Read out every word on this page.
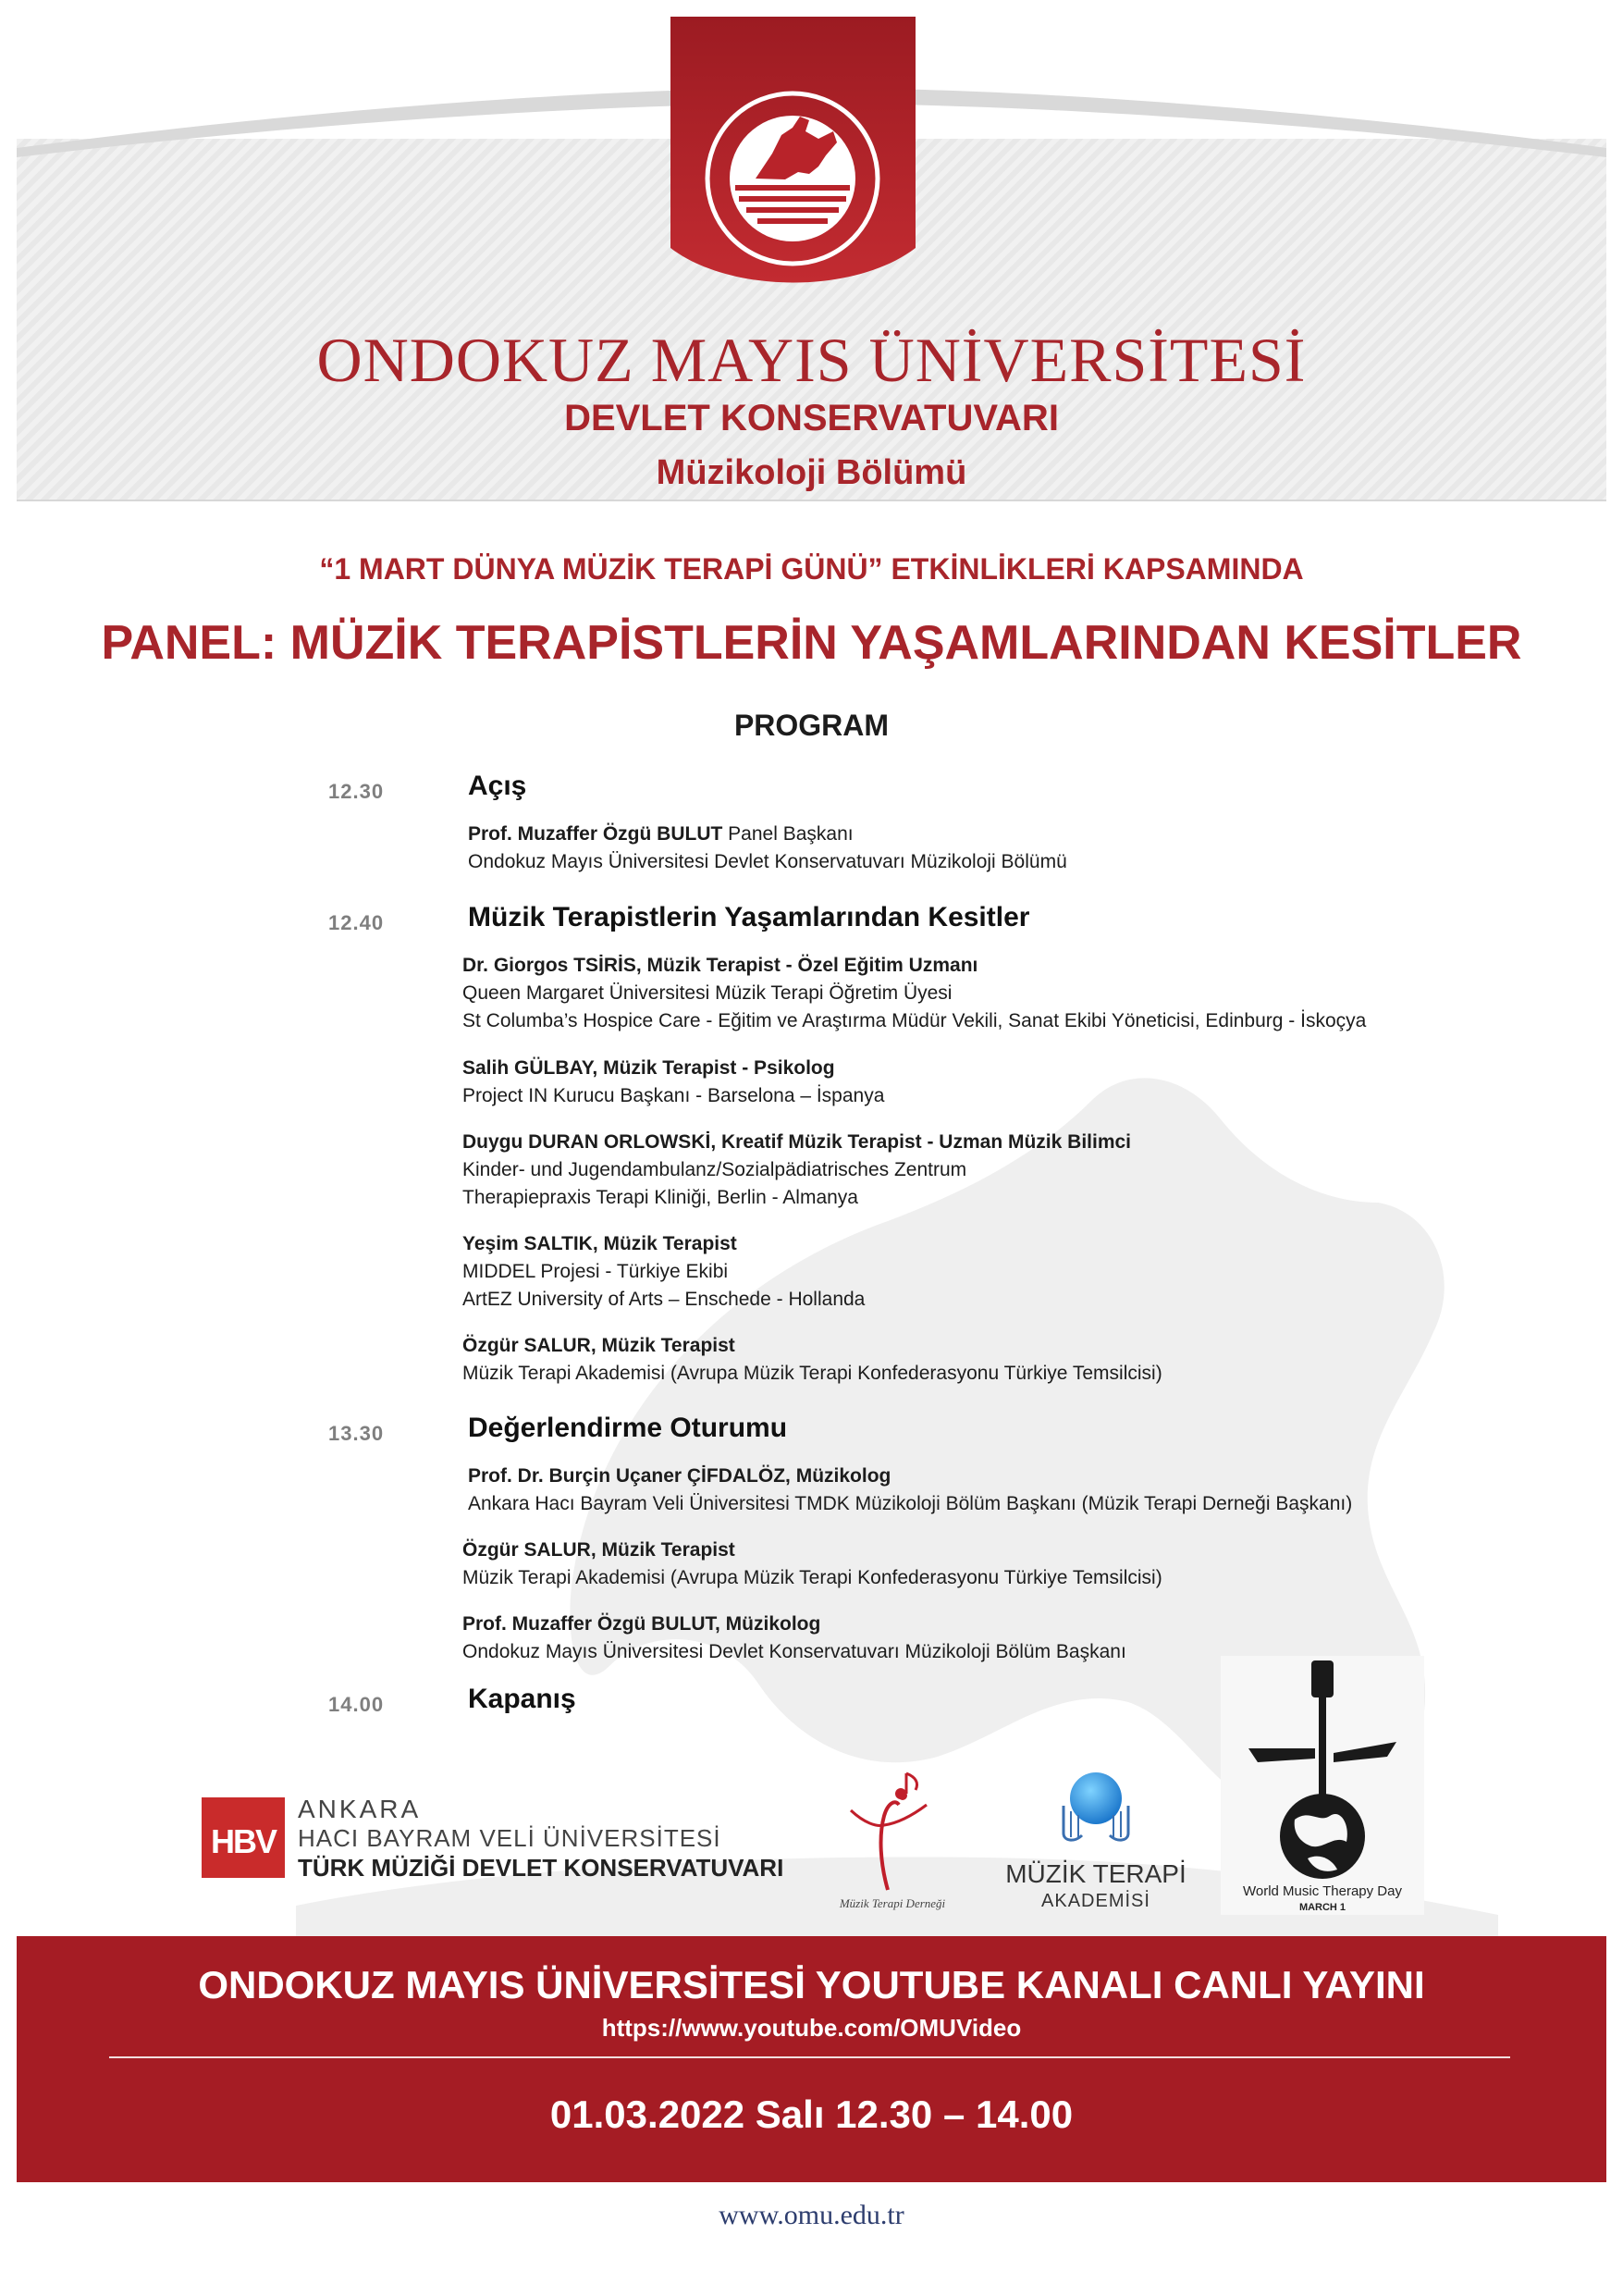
ONDOKUZ MAYIS ÜNİVERSİTESİ
DEVLET KONSERVATUVARI
Müzikoloji Bölümü
“1 MART DÜNYA MÜZİK TERAPİ GÜNÜ” ETKİNLİKLERİ KAPSAMINDA
PANEL: MÜZİK TERAPİSTLERİN YAŞAMLARINDAN KESİTLER
PROGRAM
12.30	Açış
Prof. Muzaffer Özgü BULUT Panel Başkanı
Ondokuz Mayıs Üniversitesi Devlet Konservatuvarı Müzikoloji Bölümü
12.40	Müzik Terapistlerin Yaşamlarından Kesitler
Dr. Giorgos TSİRİS, Müzik Terapist - Özel Eğitim Uzmanı
Queen Margaret Üniversitesi Müzik Terapi Öğretim Üyesi
St Columba’s Hospice Care - Eğitim ve Araştırma Müdür Vekili, Sanat Ekibi Yöneticisi, Edinburg - İskoçya
Salih GÜLBAY, Müzik Terapist - Psikolog
Project IN Kurucu Başkanı - Barselona – İspanya
Duygu DURAN ORLOWSKİ, Kreatif Müzik Terapist - Uzman Müzik Bilimci
Kinder- und Jugendambulanz/Sozialpädiatrisches Zentrum
Therapiepraxis Terapi Kliniği, Berlin - Almanya
Yeşim SALTIK, Müzik Terapist
MIDDEL Projesi - Türkiye Ekibi
ArtEZ University of Arts – Enschede - Hollanda
Özgür SALUR, Müzik Terapist
Müzik Terapi Akademisi (Avrupa Müzik Terapi Konfederasyonu Türkiye Temsilcisi)
13.30	Değerlendirme Oturumu
Prof. Dr. Burçin Uçaner ÇİFDALÖZ, Müzikolog
Ankara Hacı Bayram Veli Üniversitesi TMDK Müzikoloji Bölüm Başkanı (Müzik Terapi Derneği Başkanı)
Özgür SALUR, Müzik Terapist
Müzik Terapi Akademisi (Avrupa Müzik Terapi Konfederasyonu Türkiye Temsilcisi)
Prof. Muzaffer Özgü BULUT, Müzikolog
Ondokuz Mayıs Üniversitesi Devlet Konservatuvarı Müzikoloji Bölüm Başkanı
14.00	Kapanış
HBV
ANKARA
HACI BAYRAM VELİ ÜNİVERSİTESİ
TÜRK MÜZİĞİ DEVLET KONSERVATUVARI
Müzik Terapi Derneği
MÜZİK TERAPİ
AKADEMİSİ	World Music Therapy Day
MARCH 1
ONDOKUZ MAYIS ÜNİVERSİTESİ YOUTUBE KANALI CANLI YAYINI
https://www.youtube.com/OMUVideo
01.03.2022 Salı 12.30 – 14.00
www.omu.edu.tr
